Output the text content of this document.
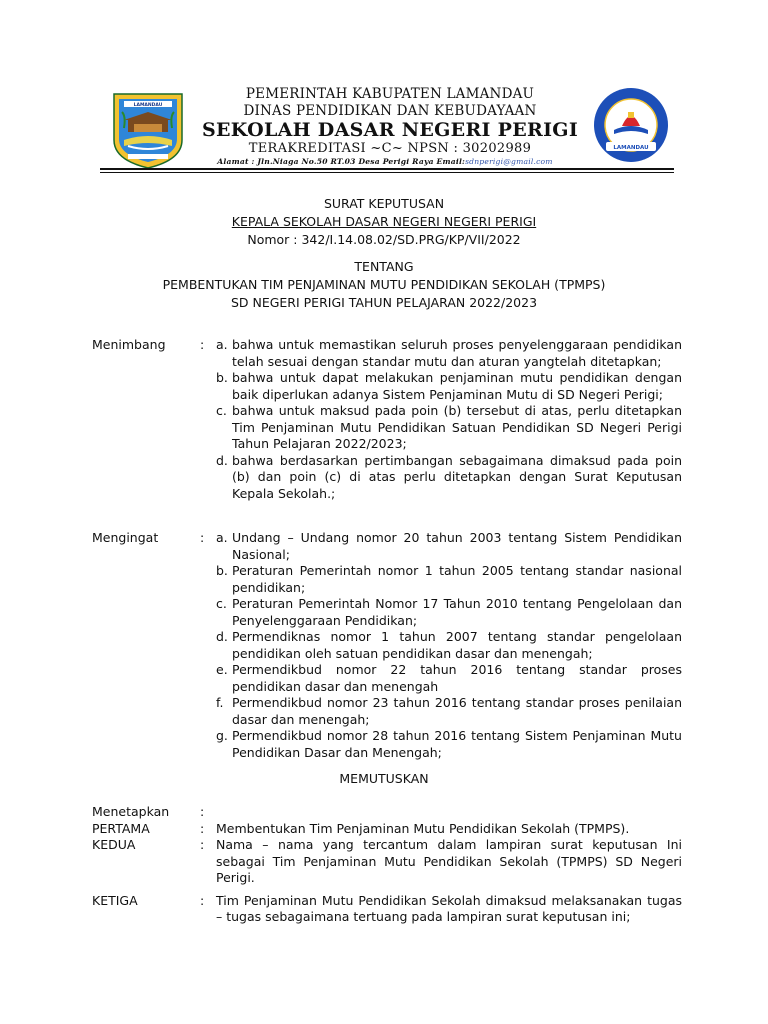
LAMANDAU
PEMERINTAH KABUPATEN LAMANDAU
DINAS PENDIDIKAN DAN KEBUDAYAAN
SEKOLAH DASAR NEGERI PERIGI
TERAKREDITASI ~C~ NPSN : 30202989
Alamat : Jln.Niaga No.50 RT.03 Desa Perigi Raya Email:sdnperigi@gmail.com
LAMANDAU
SURAT KEPUTUSAN
KEPALA SEKOLAH DASAR NEGERI NEGERI PERIGI
Nomor : 342/I.14.08.02/SD.PRG/KP/VII/2022
TENTANG
PEMBENTUKAN TIM PENJAMINAN MUTU PENDIDIKAN SEKOLAH (TPMPS)
SD NEGERI PERIGI TAHUN PELAJARAN 2022/2023
Menimbang	: a. bahwa untuk memastikan seluruh proses penyelenggaraan pendidikan telah sesuai dengan standar mutu dan aturan yangtelah ditetapkan;
b. bahwa untuk dapat melakukan penjaminan mutu pendidikan dengan baik diperlukan adanya Sistem Penjaminan Mutu di SD Negeri Perigi;
c. bahwa untuk maksud pada poin (b) tersebut di atas, perlu ditetapkan Tim Penjaminan Mutu Pendidikan Satuan Pendidikan SD Negeri Perigi Tahun Pelajaran 2022/2023;
d. bahwa berdasarkan pertimbangan sebagaimana dimaksud pada poin (b) dan poin (c) di atas perlu ditetapkan dengan Surat Keputusan Kepala Sekolah.;
Mengingat	: a. Undang – Undang nomor 20 tahun 2003 tentang Sistem Pendidikan Nasional;
b. Peraturan Pemerintah nomor 1 tahun 2005 tentang standar nasional pendidikan;
c. Peraturan Pemerintah Nomor 17 Tahun 2010 tentang Pengelolaan dan Penyelenggaraan Pendidikan;
d. Permendiknas nomor 1 tahun 2007 tentang standar pengelolaan pendidikan oleh satuan pendidikan dasar dan menengah;
e. Permendikbud nomor 22 tahun 2016 tentang standar proses pendidikan dasar dan menengah
f. Permendikbud nomor 23 tahun 2016 tentang standar proses penilaian dasar dan menengah;
g. Permendikbud nomor 28 tahun 2016 tentang Sistem Penjaminan Mutu Pendidikan Dasar dan Menengah;
MEMUTUSKAN
Menetapkan	:
PERTAMA	: Membentukan Tim Penjaminan Mutu Pendidikan Sekolah (TPMPS).
KEDUA	: Nama – nama yang tercantum dalam lampiran surat keputusan Ini sebagai Tim Penjaminan Mutu Pendidikan Sekolah (TPMPS) SD Negeri Perigi.
KETIGA	: Tim Penjaminan Mutu Pendidikan Sekolah dimaksud melaksanakan tugas – tugas sebagaimana tertuang pada lampiran surat keputusan ini;
